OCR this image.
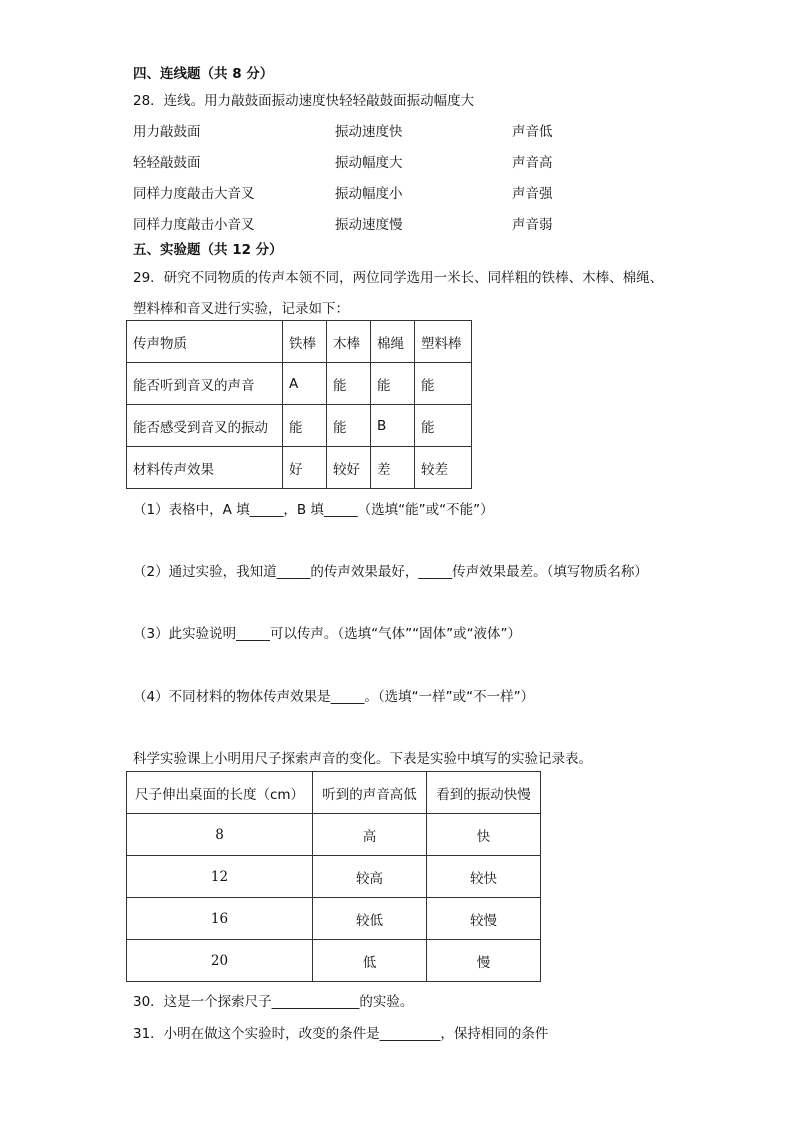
四、连线题（共 8 分）
28．连线。用力敲鼓面振动速度快轻轻敲鼓面振动幅度大
用力敲鼓面	振动速度快	声音低
轻轻敲鼓面	振动幅度大	声音高
同样力度敲击大音叉	振动幅度小	声音强
同样力度敲击小音叉	振动速度慢	声音弱
五、实验题（共 12 分）
29．研究不同物质的传声本领不同，两位同学选用一米长、同样粗的铁棒、木棒、棉绳、
塑料棒和音叉进行实验，记录如下：
传声物质	铁棒	木棒	棉绳	塑料棒
能否听到音叉的声音	A	能	能	能
能否感受到音叉的振动	能	能	B	能
材料传声效果	好	较好	差	较差
（1）表格中，A 填_____，B 填_____（选填“能”或“不能”）
（2）通过实验，我知道_____的传声效果最好，_____传声效果最差。（填写物质名称）
（3）此实验说明_____可以传声。（选填“气体”“固体”或“液体”）
（4）不同材料的物体传声效果是_____。（选填“一样”或“不一样”）
科学实验课上小明用尺子探索声音的变化。下表是实验中填写的实验记录表。
尺子伸出桌面的长度（cm）	听到的声音高低	看到的振动快慢
8	高	快
12	较高	较快
16	较低	较慢
20	低	慢
30．这是一个探索尺子_____________的实验。
31．小明在做这个实验时，改变的条件是_________，保持相同的条件
